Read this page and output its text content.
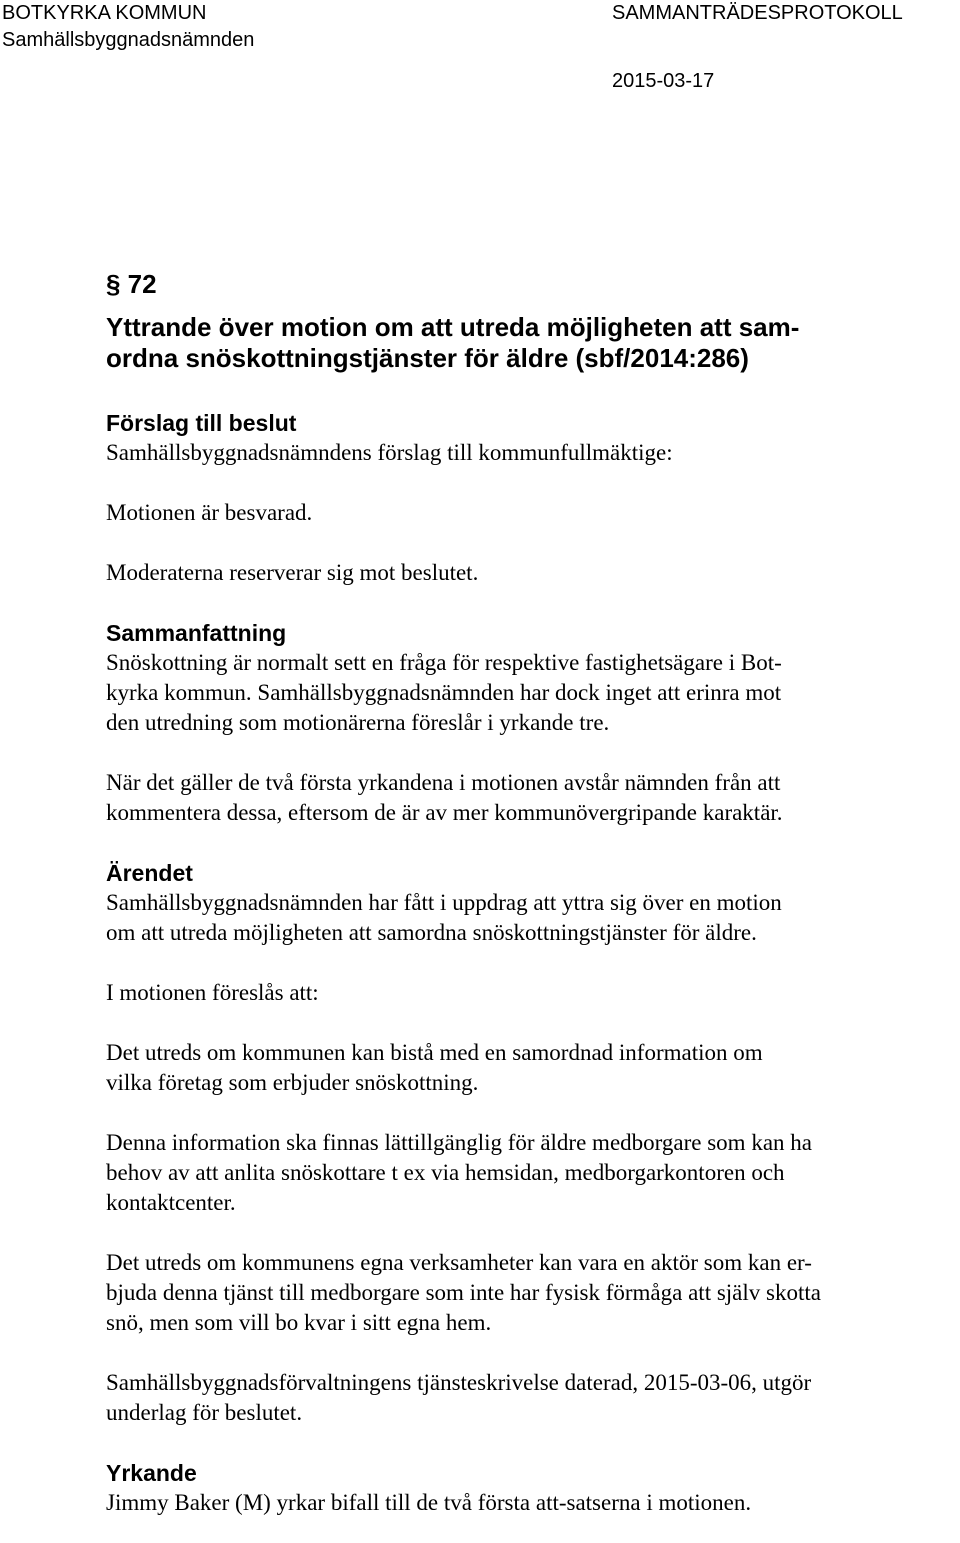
BOTKYRKA KOMMUN
Samhällsbyggnadsnämnden
SAMMANTRÄDESPROTOKOLL
2015-03-17
§ 72
Yttrande över motion om att utreda möjligheten att sam-
ordna snöskottningstjänster för äldre (sbf/2014:286)
Förslag till beslut
Samhällsbyggnadsnämndens förslag till kommunfullmäktige:
Motionen är besvarad.
Moderaterna reserverar sig mot beslutet.
Sammanfattning
Snöskottning är normalt sett en fråga för respektive fastighetsägare i Bot-
kyrka kommun. Samhällsbyggnadsnämnden har dock inget att erinra mot
den utredning som motionärerna föreslår i yrkande tre.
När det gäller de två första yrkandena i motionen avstår nämnden från att
kommentera dessa, eftersom de är av mer kommunövergripande karaktär.
Ärendet
Samhällsbyggnadsnämnden har fått i uppdrag att yttra sig över en motion
om att utreda möjligheten att samordna snöskottningstjänster för äldre.
I motionen föreslås att:
Det utreds om kommunen kan bistå med en samordnad information om
vilka företag som erbjuder snöskottning.
Denna information ska finnas lättillgänglig för äldre medborgare som kan ha
behov av att anlita snöskottare t ex via hemsidan, medborgarkontoren och
kontaktcenter.
Det utreds om kommunens egna verksamheter kan vara en aktör som kan er-
bjuda denna tjänst till medborgare som inte har fysisk förmåga att själv skotta
snö, men som vill bo kvar i sitt egna hem.
Samhällsbyggnadsförvaltningens tjänsteskrivelse daterad, 2015-03-06, utgör
underlag för beslutet.
Yrkande
Jimmy Baker (M) yrkar bifall till de två första att-satserna i motionen.
